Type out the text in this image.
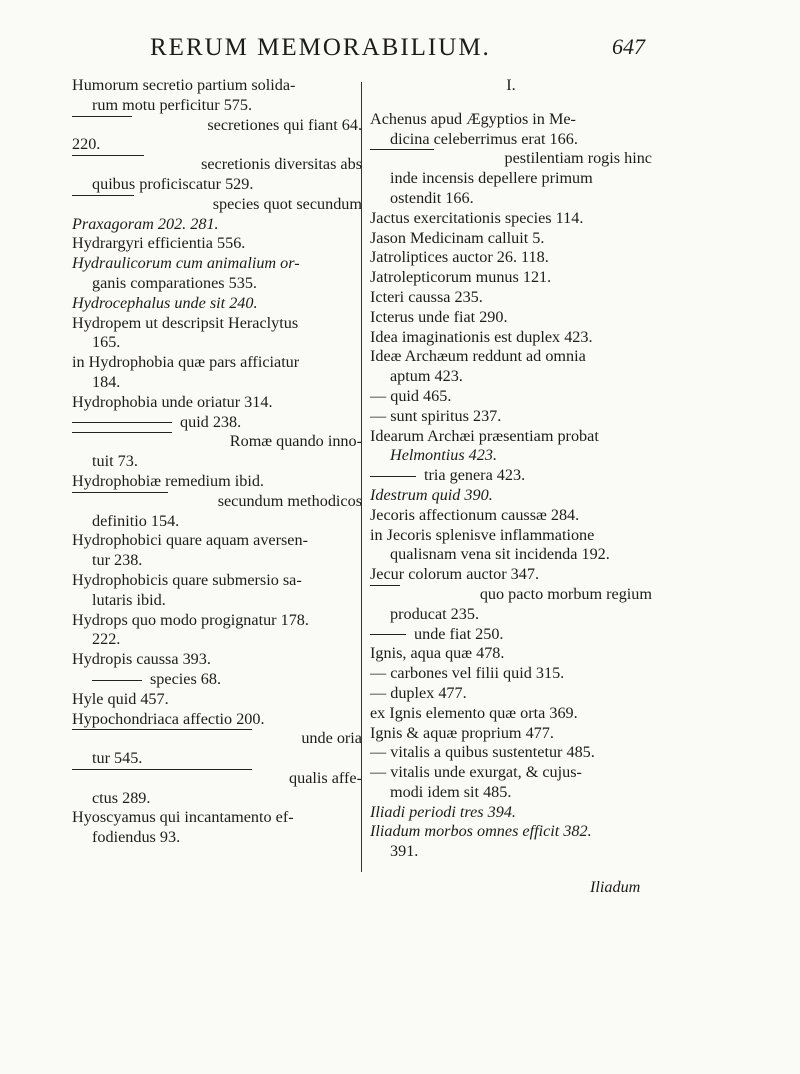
RERUM MEMORABILIUM.	647
Humorum secretio partium solida-
rum motu perficitur 575.
secretiones qui fiant 64.
220.
secretionis diversitas abs
quibus proficiscatur 529.
species quot secundum
Praxagoram 202. 281.
Hydrargyri efficientia 556.
Hydraulicorum cum animalium or-
ganis comparationes 535.
Hydrocephalus unde sit 240.
Hydropem ut descripsit Heraclytus
165.
in Hydrophobia quæ pars afficiatur
184.
Hydrophobia unde oriatur 314.
quid 238.
Romæ quando inno-
tuit 73.
Hydrophobiæ remedium ibid.
secundum methodicos
definitio 154.
Hydrophobici quare aquam aversen-
tur 238.
Hydrophobicis quare submersio sa-
lutaris ibid.
Hydrops quo modo progignatur 178.
222.
Hydropis caussa 393.
species 68.
Hyle quid 457.
Hypochondriaca affectio 200.
unde oria
tur 545.
qualis affe-
ctus 289.
Hyoscyamus qui incantamento ef-
fodiendus 93.
I.
Achenus apud Ægyptios in Me-
dicina celeberrimus erat 166.
pestilentiam rogis hinc
inde incensis depellere primum
ostendit 166.
Jactus exercitationis species 114.
Jason Medicinam calluit 5.
Jatroliptices auctor 26. 118.
Jatrolepticorum munus 121.
Icteri caussa 235.
Icterus unde fiat 290.
Idea imaginationis est duplex 423.
Ideæ Archæum reddunt ad omnia
aptum 423.
— quid 465.
— sunt spiritus 237.
Idearum Archæi præsentiam probat
Helmontius 423.
tria genera 423.
Idestrum quid 390.
Jecoris affectionum caussæ 284.
in Jecoris splenisve inflammatione
qualisnam vena sit incidenda 192.
Jecur colorum auctor 347.
quo pacto morbum regium
producat 235.
unde fiat 250.
Ignis, aqua quæ 478.
— carbones vel filii quid 315.
— duplex 477.
ex Ignis elemento quæ orta 369.
Ignis & aquæ proprium 477.
— vitalis a quibus sustentetur 485.
— vitalis unde exurgat, & cujus-
modi idem sit 485.
Iliadi periodi tres 394.
Iliadum morbos omnes efficit 382.
391.
Iliadum
